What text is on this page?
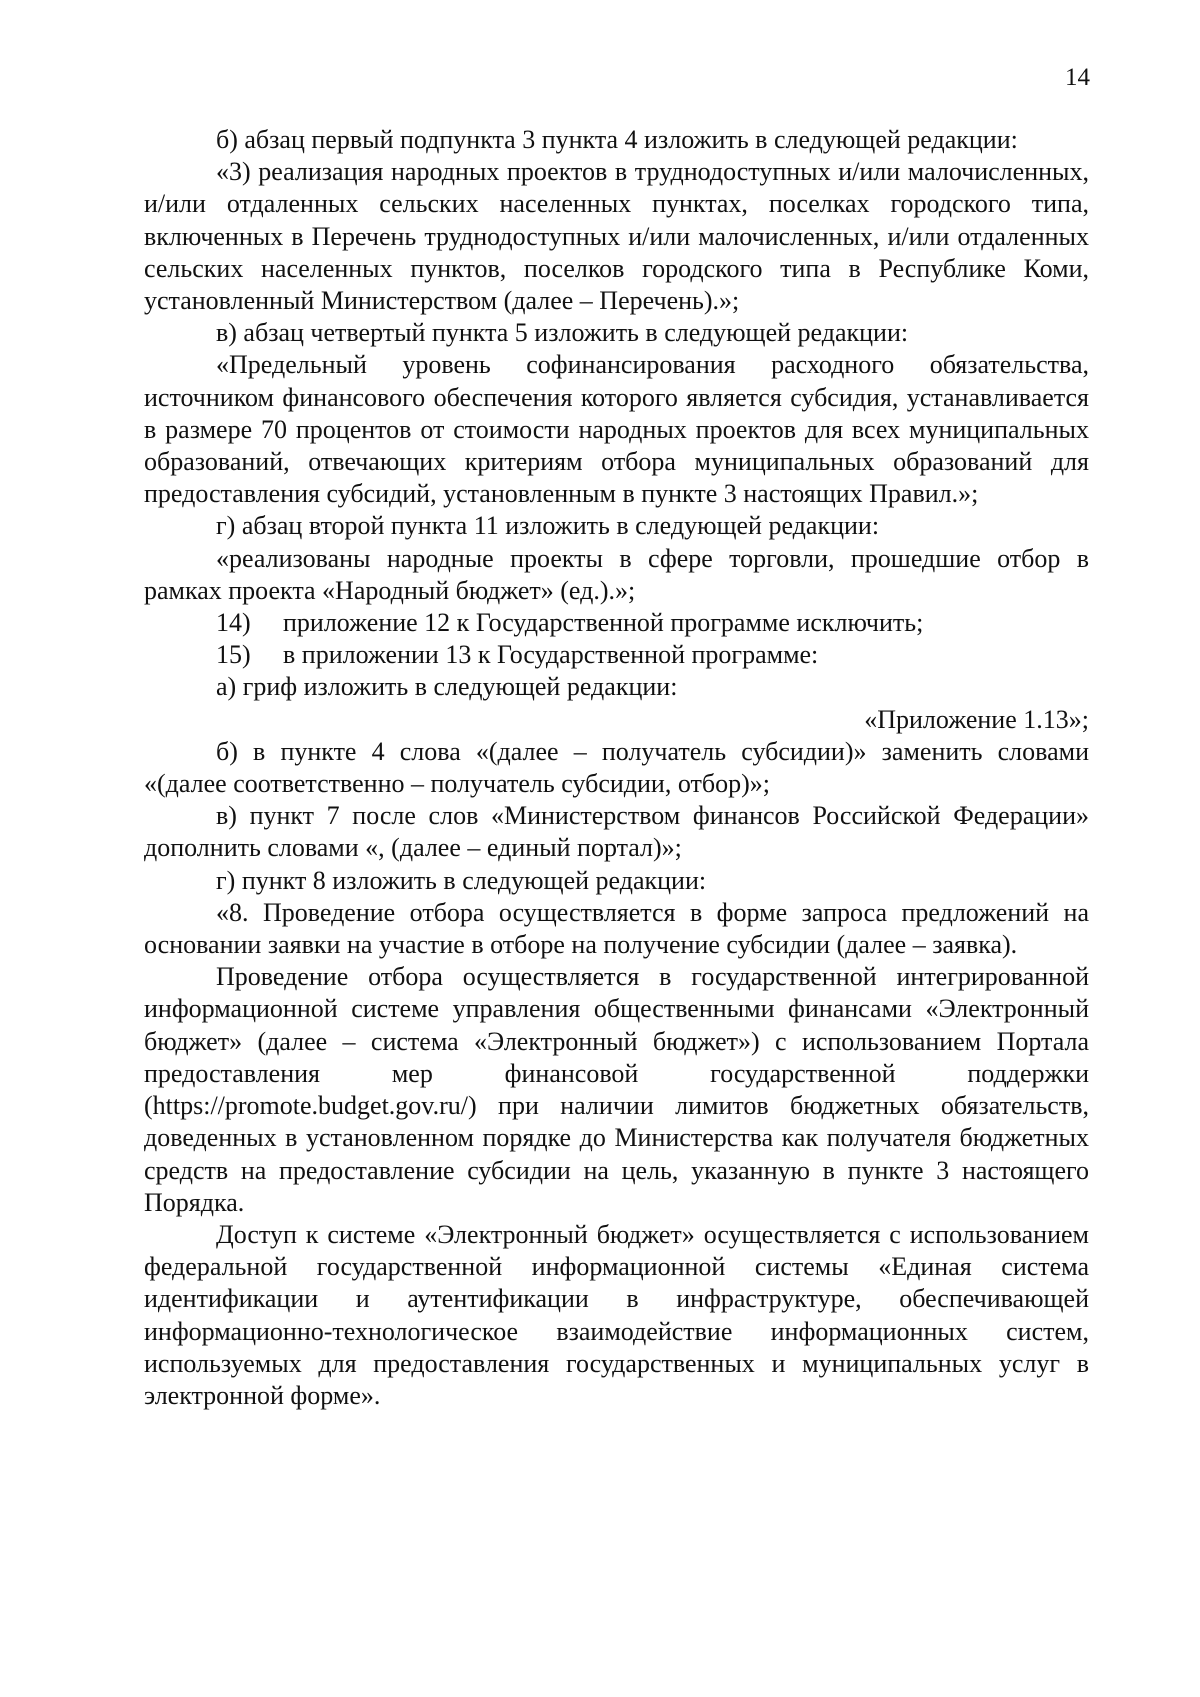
14

б) абзац первый подпункта 3 пункта 4 изложить в следующей редакции:

«3) реализация народных проектов в труднодоступных и/или малочисленных, и/или отдаленных сельских населенных пунктах, поселках городского типа, включенных в Перечень труднодоступных и/или малочисленных, и/или отдаленных сельских населенных пунктов, поселков городского типа в Республике Коми, установленный Министерством (далее – Перечень).»;

в) абзац четвертый пункта 5 изложить в следующей редакции:

«Предельный уровень софинансирования расходного обязательства, источником финансового обеспечения которого является субсидия, устанавливается в размере 70 процентов от стоимости народных проектов для всех муниципальных образований, отвечающих критериям отбора муниципальных образований для предоставления субсидий, установленным в пункте 3 настоящих Правил.»;

г) абзац второй пункта 11 изложить в следующей редакции:

«реализованы народные проекты в сфере торговли, прошедшие отбор в рамках проекта «Народный бюджет» (ед.).»;

14)	приложение 12 к Государственной программе исключить;
15)	в приложении 13 к Государственной программе:

а) гриф изложить в следующей редакции:

«Приложение 1.13»;

б) в пункте 4 слова «(далее – получатель субсидии)» заменить словами «(далее соответственно – получатель субсидии, отбор)»;

в) пункт 7 после слов «Министерством финансов Российской Федерации» дополнить словами «, (далее – единый портал)»;

г) пункт 8 изложить в следующей редакции:

«8. Проведение отбора осуществляется в форме запроса предложений на основании заявки на участие в отборе на получение субсидии (далее – заявка).

Проведение отбора осуществляется в государственной интегрированной информационной системе управления общественными финансами «Электронный бюджет» (далее – система «Электронный бюджет») с использованием Портала предоставления мер финансовой государственной поддержки (https://promote.budget.gov.ru/) при наличии лимитов бюджетных обязательств, доведенных в установленном порядке до Министерства как получателя бюджетных средств на предоставление субсидии на цель, указанную в пункте 3 настоящего Порядка.

Доступ к системе «Электронный бюджет» осуществляется с использованием федеральной государственной информационной системы «Единая система идентификации и аутентификации в инфраструктуре, обеспечивающей информационно-технологическое взаимодействие информационных систем, используемых для предоставления государственных и муниципальных услуг в электронной форме».
